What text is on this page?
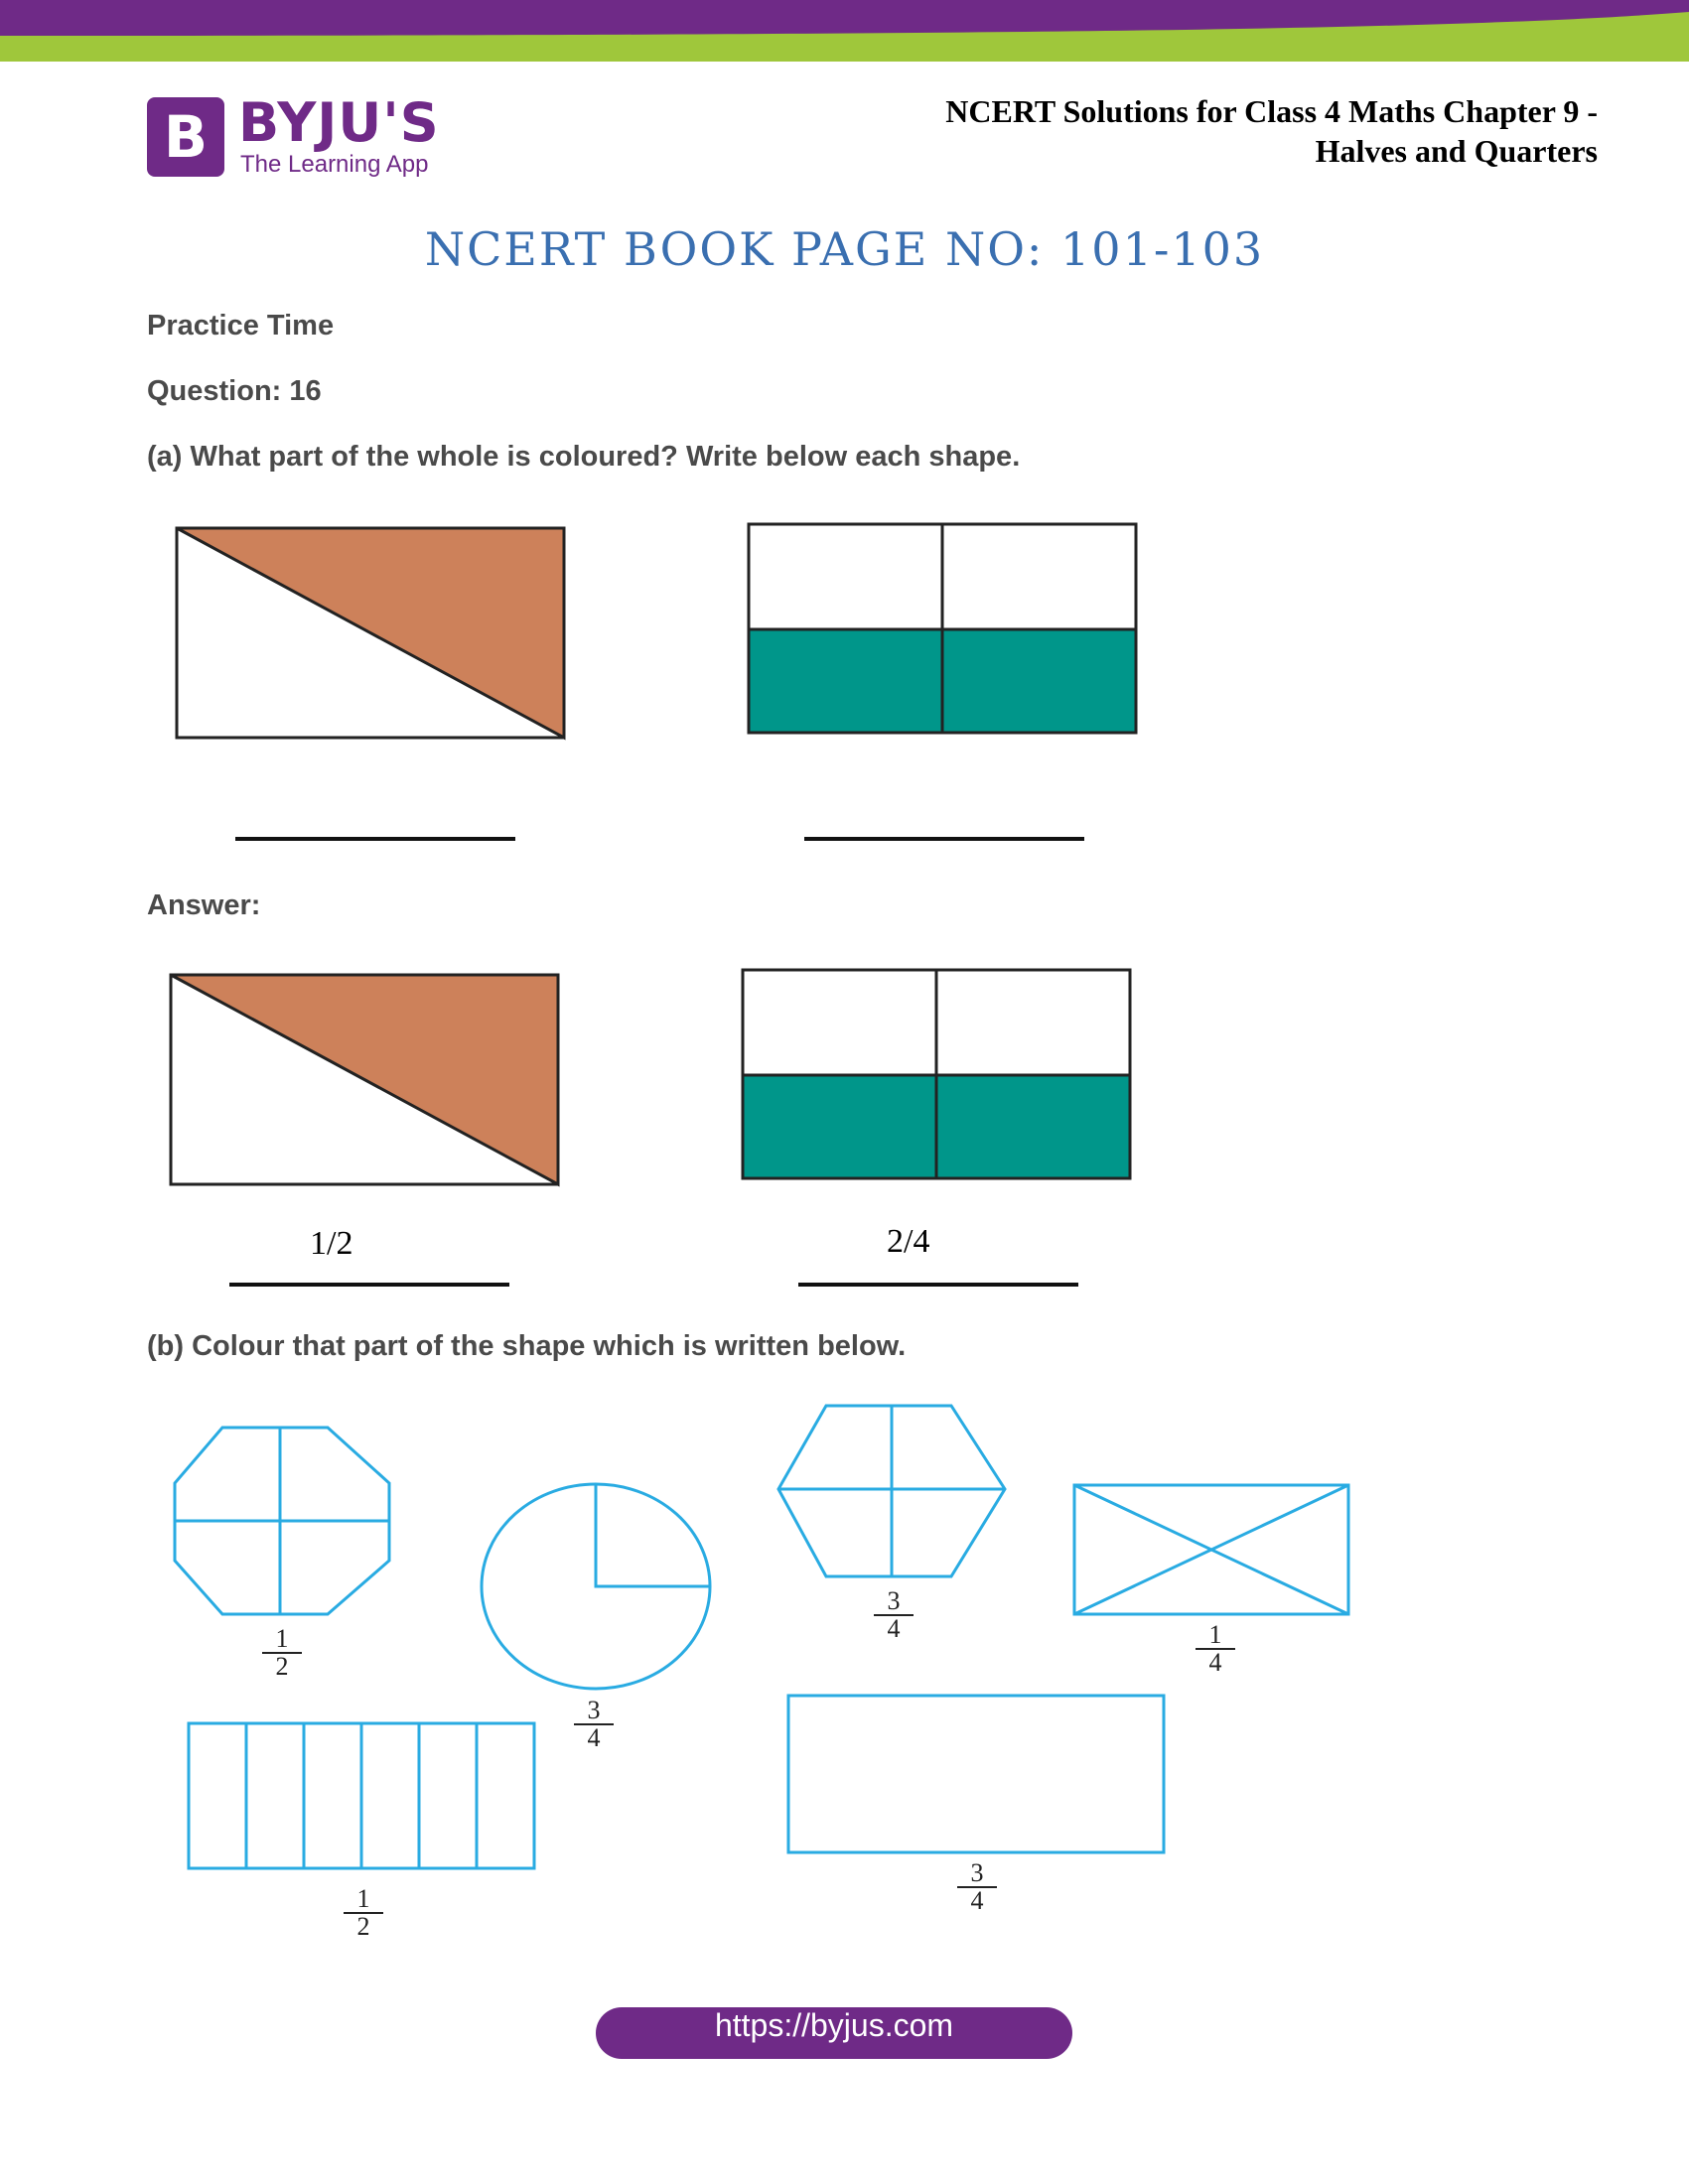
B BYJU'S
The Learning App
NCERT Solutions for Class 4 Maths Chapter 9 -
Halves and Quarters
NCERT BOOK PAGE NO: 101-103
Practice Time
Question: 16
(a) What part of the whole is coloured? Write below each shape.
Answer:
1/2	2/4
(b) Colour that part of the shape which is written below.
$\frac{1}{2}$
$\frac{3}{4}$
$\frac{3}{4}$
$\frac{1}{4}$
$\frac{1}{2}$
$\frac{3}{4}$
https://byjus.com
